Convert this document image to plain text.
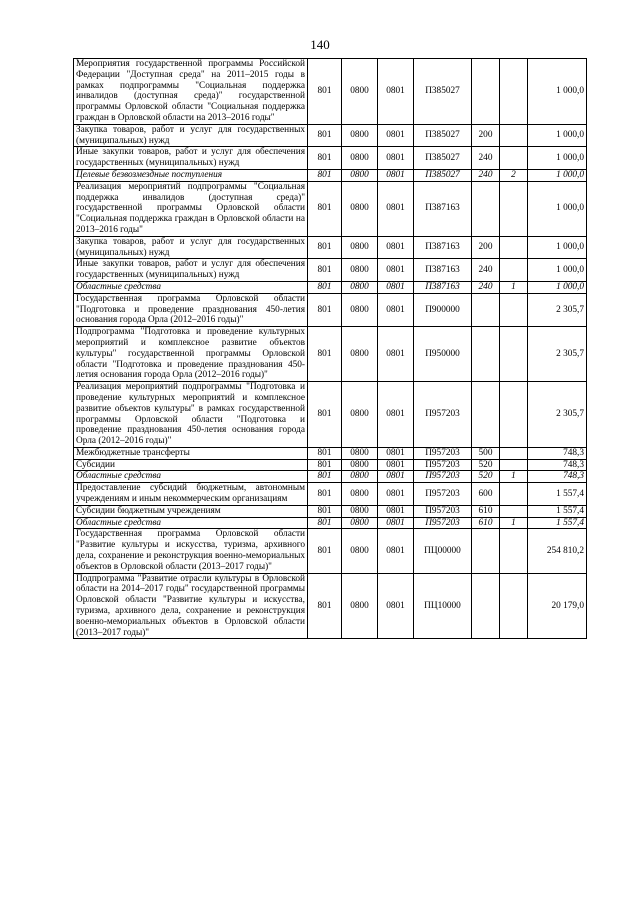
140
Мероприятия государственной программы Российской Федерации "Доступная среда" на 2011–2015 годы в рамках подпрограммы "Социальная поддержка инвалидов (доступная среда)" государственной программы Орловской области "Социальная поддержка граждан в Орловской области на 2013–2016 годы"	801	0800	0801	П385027			1 000,0
Закупка товаров, работ и услуг для государственных (муниципальных) нужд	801	0800	0801	П385027	200		1 000,0
Иные закупки товаров, работ и услуг для обеспечения государственных (муниципальных) нужд	801	0800	0801	П385027	240		1 000,0
Целевые безвозмездные поступления	801	0800	0801	П385027	240	2	1 000,0
Реализация мероприятий подпрограммы "Социальная поддержка инвалидов (доступная среда)" государственной программы Орловской области "Социальная поддержка граждан в Орловской области на 2013–2016 годы"	801	0800	0801	П387163			1 000,0
Закупка товаров, работ и услуг для государственных (муниципальных) нужд	801	0800	0801	П387163	200		1 000,0
Иные закупки товаров, работ и услуг для обеспечения государственных (муниципальных) нужд	801	0800	0801	П387163	240		1 000,0
Областные средства	801	0800	0801	П387163	240	1	1 000,0
Государственная программа Орловской области "Подготовка и проведение празднования 450-летия основания города Орла (2012–2016 годы)"	801	0800	0801	П900000			2 305,7
Подпрограмма "Подготовка и проведение культурных мероприятий и комплексное развитие объектов культуры" государственной программы Орловской области "Подготовка и проведение празднования 450-летия основания города Орла (2012–2016 годы)"	801	0800	0801	П950000			2 305,7
Реализация мероприятий подпрограммы "Подготовка и проведение культурных мероприятий и комплексное развитие объектов культуры" в рамках государственной программы Орловской области "Подготовка и проведение празднования 450-летия основания города Орла (2012–2016 годы)"	801	0800	0801	П957203			2 305,7
Межбюджетные трансферты	801	0800	0801	П957203	500		748,3
Субсидии	801	0800	0801	П957203	520		748,3
Областные средства	801	0800	0801	П957203	520	1	748,3
Предоставление субсидий бюджетным, автономным учреждениям и иным некоммерческим организациям	801	0800	0801	П957203	600		1 557,4
Субсидии бюджетным учреждениям	801	0800	0801	П957203	610		1 557,4
Областные средства	801	0800	0801	П957203	610	1	1 557,4
Государственная программа Орловской области "Развитие культуры и искусства, туризма, архивного дела, сохранение и реконструкция военно-мемориальных объектов в Орловской области (2013–2017 годы)"	801	0800	0801	ПЦ00000			254 810,2
Подпрограмма "Развитие отрасли культуры в Орловской области на 2014–2017 годы" государственной программы Орловской области "Развитие культуры и искусства, туризма, архивного дела, сохранение и реконструкция военно-мемориальных объектов в Орловской области (2013–2017 годы)"	801	0800	0801	ПЦ10000			20 179,0
